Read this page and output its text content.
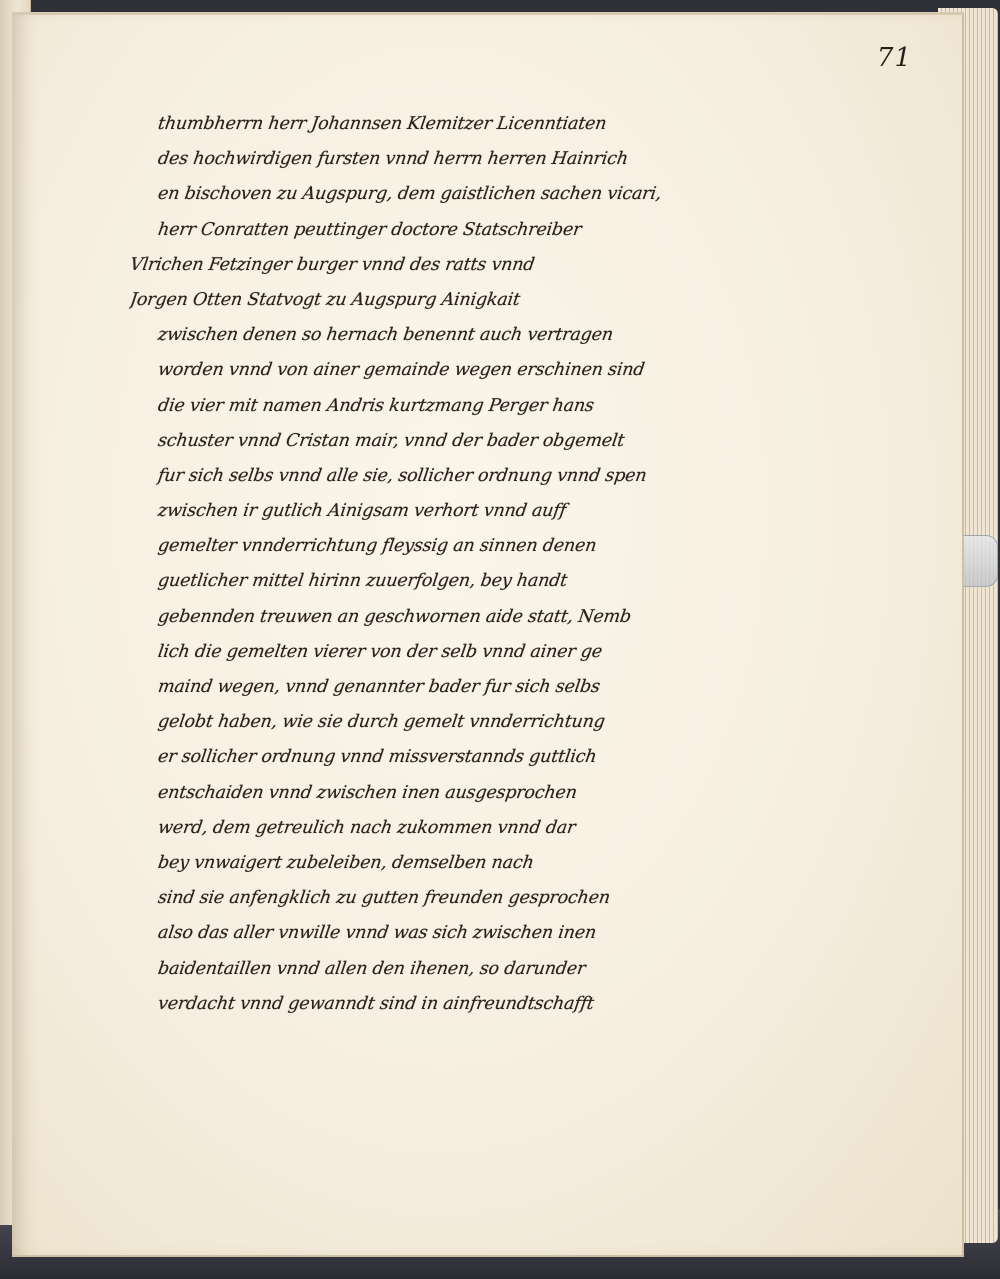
71
thumbherrn herr Johannsen Klemitzer Licenntiaten
des hochwirdigen fursten vnnd herrn herren Hainrich
en bischoven zu Augspurg, dem gaistlichen sachen vicari,
herr Conratten peuttinger doctore Statschreiber
Vlrichen Fetzinger burger vnnd des ratts vnnd
Jorgen Otten Statvogt zu Augspurg Ainigkait
zwischen denen so hernach benennt auch vertragen
worden vnnd von ainer gemainde wegen erschinen sind
die vier mit namen Andris kurtzmang Perger hans
schuster vnnd Cristan mair, vnnd der bader obgemelt
fur sich selbs vnnd alle sie, sollicher ordnung vnnd spen
zwischen ir gutlich Ainigsam verhort vnnd auff
gemelter vnnderrichtung fleyssig an sinnen denen
guetlicher mittel hirinn zuuerfolgen, bey handt
gebennden treuwen an geschwornen aide statt, Nemb
lich die gemelten vierer von der selb vnnd ainer ge
maind wegen, vnnd genannter bader fur sich selbs
gelobt haben, wie sie durch gemelt vnnderrichtung
er sollicher ordnung vnnd missverstannds guttlich
entschaiden vnnd zwischen inen ausgesprochen
werd, dem getreulich nach zukommen vnnd dar
bey vnwaigert zubeleiben, demselben nach
sind sie anfengklich zu gutten freunden gesprochen
also das aller vnwille vnnd was sich zwischen inen
baidentaillen vnnd allen den ihenen, so darunder
verdacht vnnd gewanndt sind in ainfreundtschafft
